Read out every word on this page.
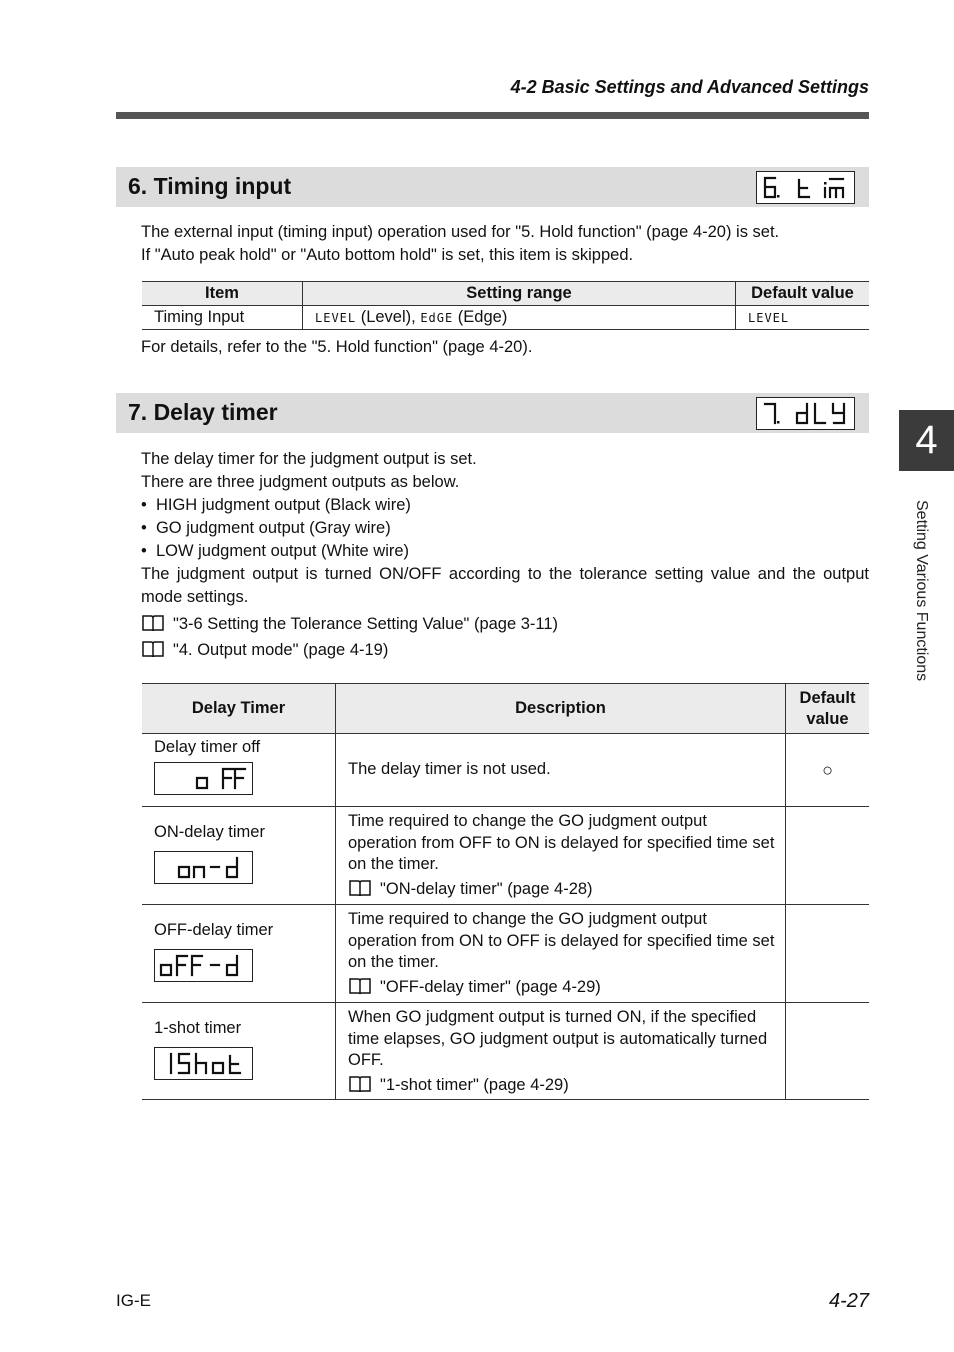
4-2 Basic Settings and Advanced Settings
6. Timing input
The external input (timing input) operation used for "5. Hold function" (page 4-20) is set.
If "Auto peak hold" or "Auto bottom hold" is set, this item is skipped.
Item	Setting range	Default value
Timing Input	LEVEL (Level), EdGE (Edge)	LEVEL
For details, refer to the "5. Hold function" (page 4-20).
7. Delay timer
The delay timer for the judgment output is set.
There are three judgment outputs as below.
•  HIGH judgment output (Black wire)
•  GO judgment output (Gray wire)
•  LOW judgment output (White wire)
The judgment output is turned ON/OFF according to the tolerance setting value and the output mode settings.
"3-6 Setting the Tolerance Setting Value" (page 3-11)
"4. Output mode" (page 4-19)
Delay Timer	Description	Default
value

Delay timer off	The delay timer is not used.	○

ON-delay timer	Time required to change the GO judgment output operation from OFF to ON is delayed for specified time set on the timer.
"ON-delay timer" (page 4-28)	

OFF-delay timer	Time required to change the GO judgment output operation from ON to OFF is delayed for specified time set on the timer.
"OFF-delay timer" (page 4-29)	

1-shot timer	When GO judgment output is turned ON, if the specified time elapses, GO judgment output is automatically turned OFF.
"1-shot timer" (page 4-29)	

4
Setting Various Functions
IG-E	4-27
